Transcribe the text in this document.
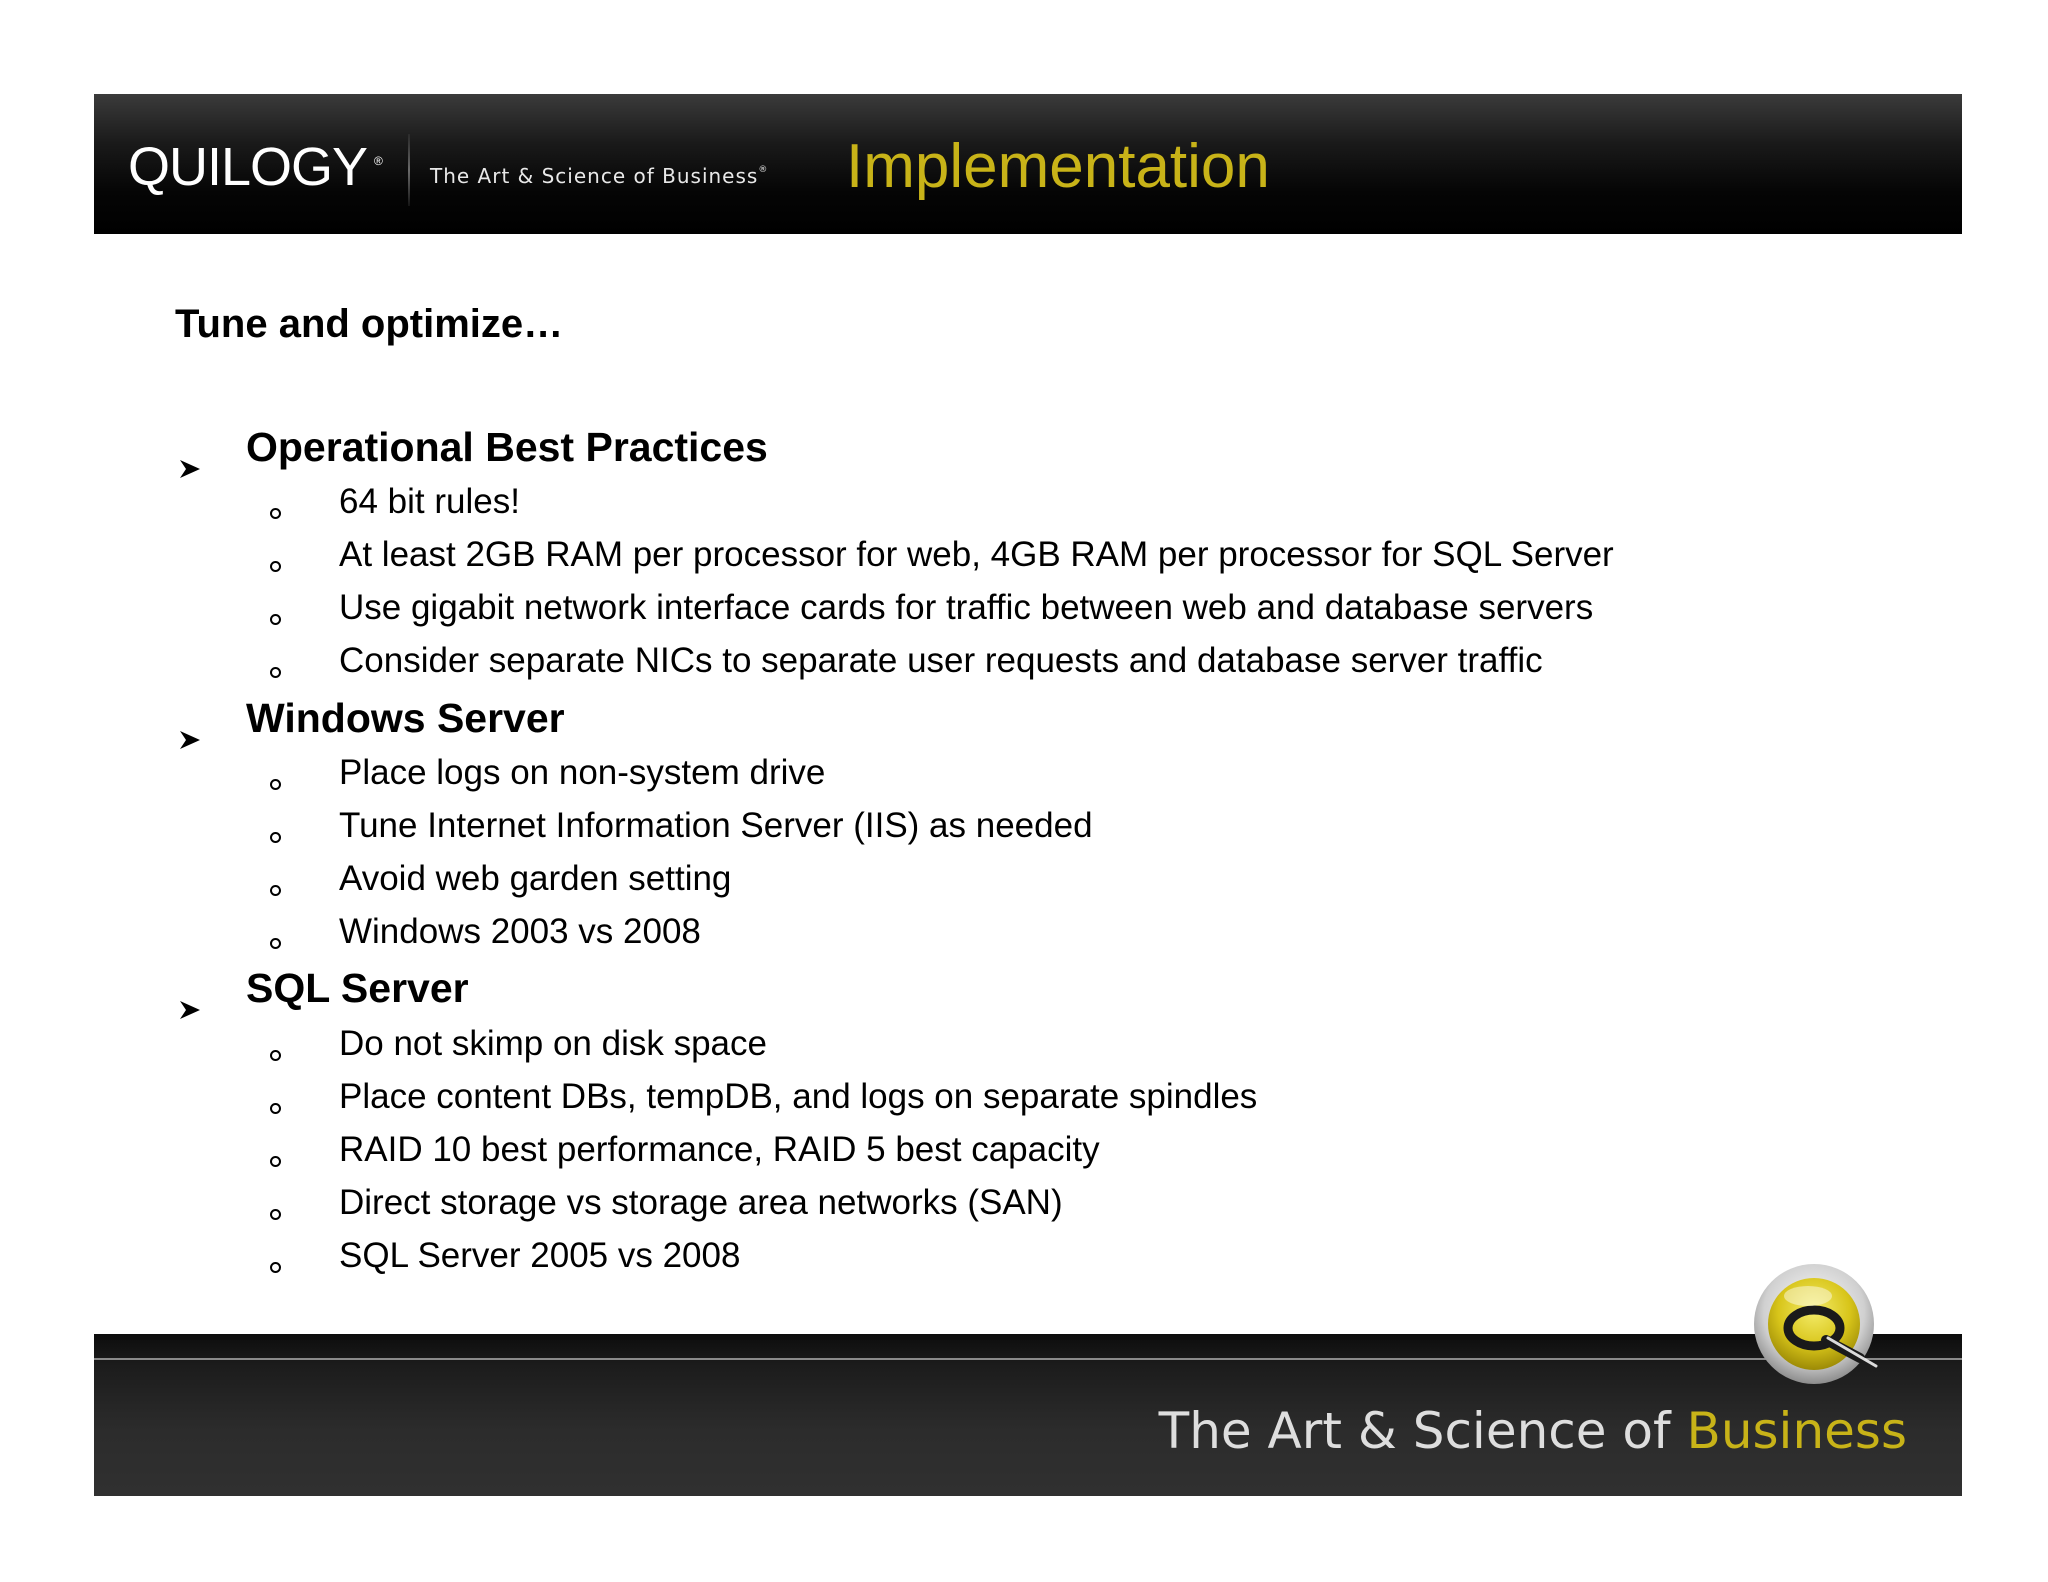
QUILOGY ®
The Art & Science of Business® Implementation
Tune and optimize…
Operational Best Practices
64 bit rules!
At least 2GB RAM per processor for web, 4GB RAM per processor for SQL Server
Use gigabit network interface cards for traffic between web and database servers
Consider separate NICs to separate user requests and database server traffic
Windows Server
Place logs on non-system drive
Tune Internet Information Server (IIS) as needed
Avoid web garden setting
Windows 2003 vs 2008
SQL Server
Do not skimp on disk space
Place content DBs, tempDB, and logs on separate spindles
RAID 10 best performance, RAID 5 best capacity
Direct storage vs storage area networks (SAN)
SQL Server 2005 vs 2008
The Art & Science of Business
